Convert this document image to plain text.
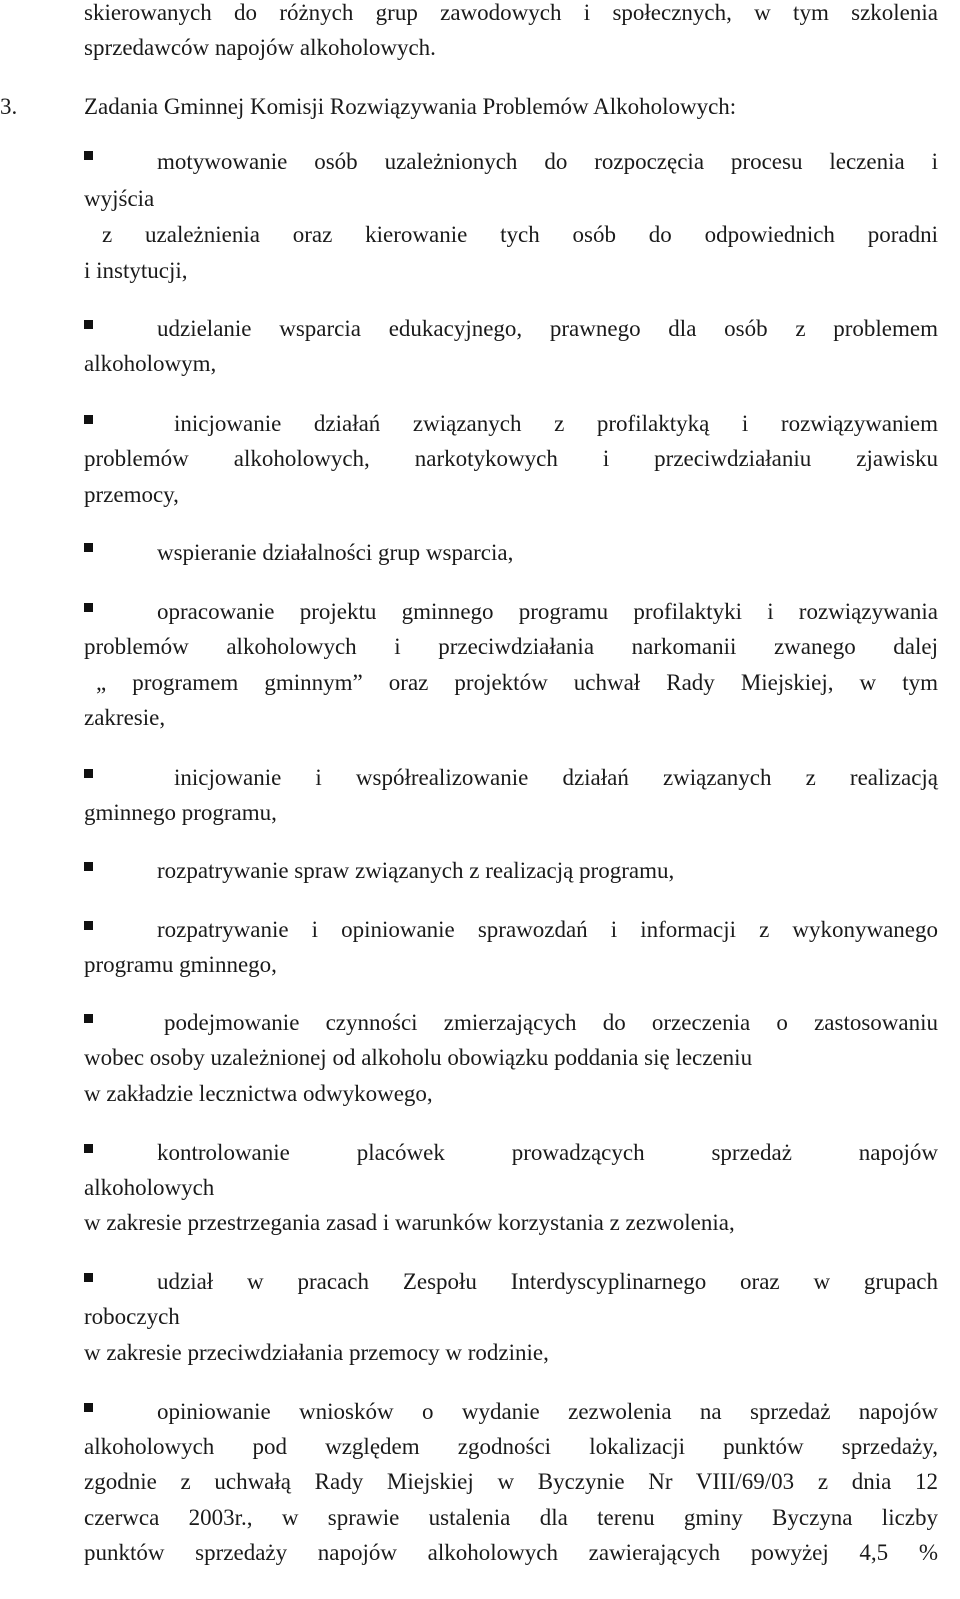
skierowanych do różnych grup zawodowych i społecznych, w tym szkolenia
sprzedawców napojów alkoholowych.
3.	Zadania Gminnej Komisji Rozwiązywania Problemów Alkoholowych:
motywowanie osób uzależnionych do rozpoczęcia procesu leczenia i
wyjścia
z uzależnienia oraz kierowanie tych osób do odpowiednich poradni
i instytucji,
udzielanie wsparcia edukacyjnego, prawnego dla osób z problemem
alkoholowym,
inicjowanie działań związanych z profilaktyką i rozwiązywaniem
problemów alkoholowych, narkotykowych i przeciwdziałaniu zjawisku
przemocy,
wspieranie działalności grup wsparcia,
opracowanie projektu gminnego programu profilaktyki i rozwiązywania
problemów alkoholowych i przeciwdziałania narkomanii zwanego dalej
„ programem gminnym” oraz projektów uchwał Rady Miejskiej, w tym
zakresie,
inicjowanie i współrealizowanie działań związanych z realizacją
gminnego programu,
rozpatrywanie spraw związanych z realizacją programu,
rozpatrywanie i opiniowanie sprawozdań i informacji z wykonywanego
programu gminnego,
podejmowanie czynności zmierzających do orzeczenia o zastosowaniu
wobec osoby uzależnionej od alkoholu obowiązku poddania się leczeniu
w zakładzie lecznictwa odwykowego,
kontrolowanie placówek prowadzących sprzedaż napojów
alkoholowych
w zakresie przestrzegania zasad i warunków korzystania z zezwolenia,
udział w pracach Zespołu Interdyscyplinarnego oraz w grupach
roboczych
w zakresie przeciwdziałania przemocy w rodzinie,
opiniowanie wniosków o wydanie zezwolenia na sprzedaż napojów
alkoholowych pod względem zgodności lokalizacji punktów sprzedaży,
zgodnie z uchwałą Rady Miejskiej w Byczynie Nr VIII/69/03 z dnia 12
czerwca 2003r., w sprawie ustalenia dla terenu gminy Byczyna liczby
punktów sprzedaży napojów alkoholowych zawierających powyżej 4,5 %
